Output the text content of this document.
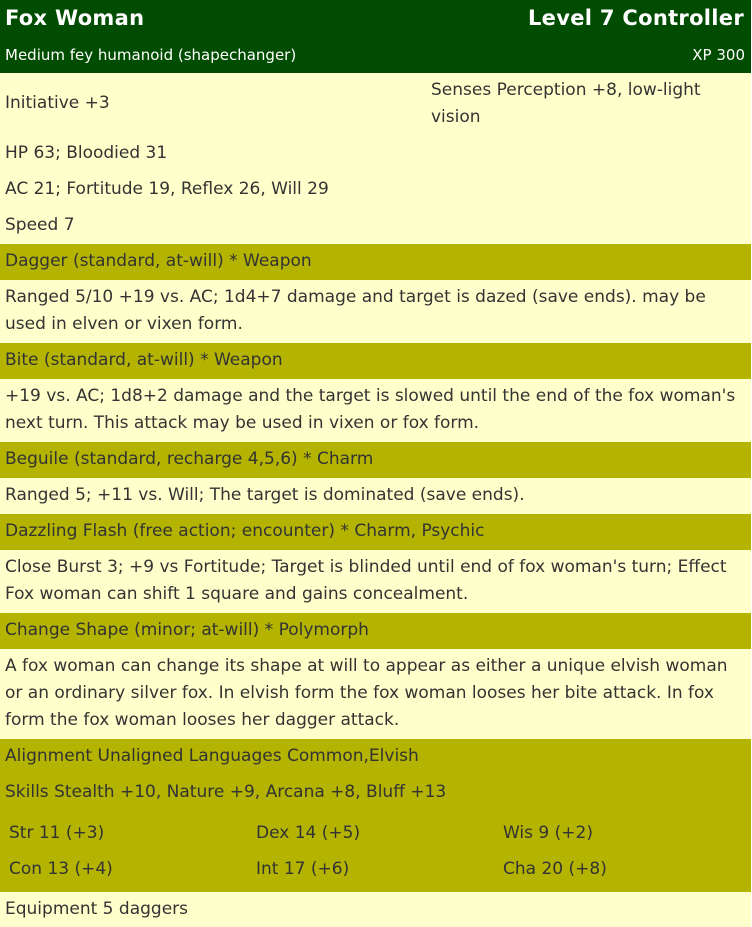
Fox Woman	Level 7 Controller
Medium fey humanoid (shapechanger)	XP 300
Initiative +3
Senses Perception +8, low-light vision
HP 63; Bloodied 31
AC 21; Fortitude 19, Reflex 26, Will 29
Speed 7
Dagger (standard, at-will) * Weapon
Ranged 5/10 +19 vs. AC; 1d4+7 damage and target is dazed (save ends). may be used in elven or vixen form.
Bite (standard, at-will) * Weapon
+19 vs. AC; 1d8+2 damage and the target is slowed until the end of the fox woman's next turn. This attack may be used in vixen or fox form.
Beguile (standard, recharge 4,5,6) * Charm
Ranged 5; +11 vs. Will; The target is dominated (save ends).
Dazzling Flash (free action; encounter) * Charm, Psychic
Close Burst 3; +9 vs Fortitude; Target is blinded until end of fox woman's turn; Effect Fox woman can shift 1 square and gains concealment.
Change Shape (minor; at-will) * Polymorph
A fox woman can change its shape at will to appear as either a unique elvish woman or an ordinary silver fox. In elvish form the fox woman looses her bite attack. In fox form the fox woman looses her dagger attack.
Alignment Unaligned Languages Common,Elvish
Skills Stealth +10, Nature +9, Arcana +8, Bluff +13
Str 11 (+3)	Dex 14 (+5)	Wis 9 (+2)
Con 13 (+4)	Int 17 (+6)	Cha 20 (+8)
Equipment 5 daggers
